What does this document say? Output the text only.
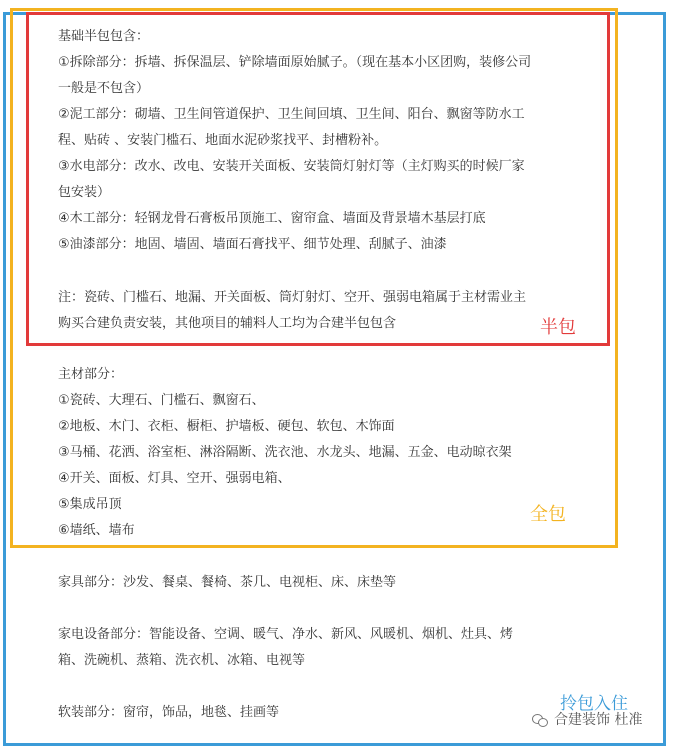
基础半包包含：
①拆除部分：拆墙、拆保温层、铲除墙面原始腻子。（现在基本小区团购，装修公司
一般是不包含）
②泥工部分：砌墙、卫生间管道保护、卫生间回填、卫生间、阳台、飘窗等防水工
程、贴砖 、安装门槛石、地面水泥砂浆找平、封槽粉补。
③水电部分：改水、改电、安装开关面板、安装筒灯射灯等（主灯购买的时候厂家
包安装）
④木工部分：轻钢龙骨石膏板吊顶施工、窗帘盒、墙面及背景墙木基层打底
⑤油漆部分：地固、墙固、墙面石膏找平、细节处理、刮腻子、油漆
注：瓷砖、门槛石、地漏、开关面板、筒灯射灯、空开、强弱电箱属于主材需业主
购买合建负责安装，其他项目的辅料人工均为合建半包包含	半包
主材部分：
①瓷砖、大理石、门槛石、飘窗石、
②地板、木门、衣柜、橱柜、护墙板、硬包、软包、木饰面
③马桶、花洒、浴室柜、淋浴隔断、洗衣池、水龙头、地漏、五金、电动晾衣架
④开关、面板、灯具、空开、强弱电箱、
⑤集成吊顶
⑥墙纸、墙布
全包
家具部分：沙发、餐桌、餐椅、茶几、电视柜、床、床垫等
家电设备部分：智能设备、空调、暖气、净水、新风、风暖机、烟机、灶具、烤
箱、洗碗机、蒸箱、洗衣机、冰箱、电视等
软装部分：窗帘，饰品，地毯、挂画等	拎包入住
合建装饰 杜准
